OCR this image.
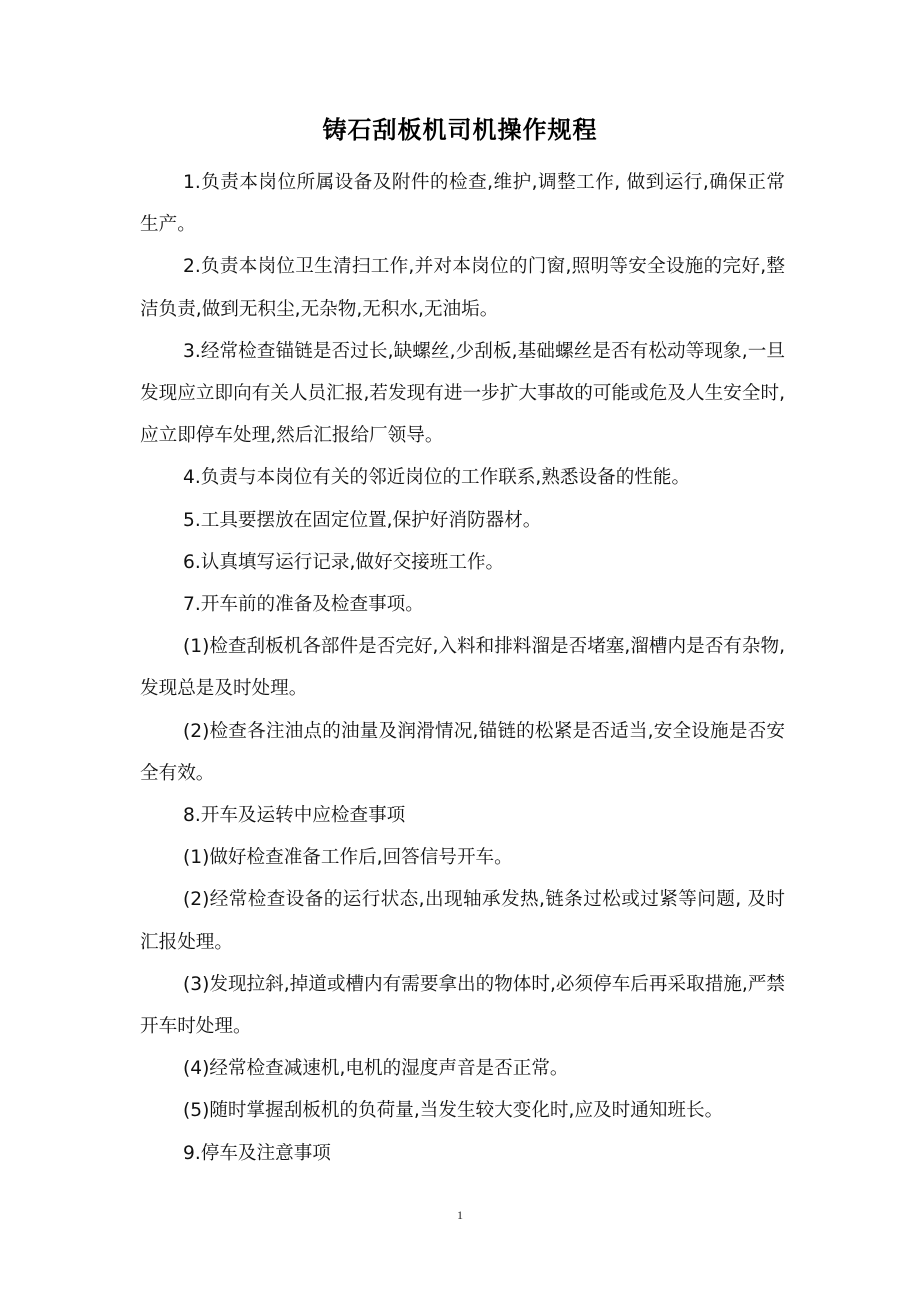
铸石刮板机司机操作规程

1.负责本岗位所属设备及附件的检查,维护,调整工作, 做到运行,确保正常生产。

2.负责本岗位卫生清扫工作,并对本岗位的门窗,照明等安全设施的完好,整洁负责,做到无积尘,无杂物,无积水,无油垢。

3.经常检查锚链是否过长,缺螺丝,少刮板,基础螺丝是否有松动等现象,一旦发现应立即向有关人员汇报,若发现有进一步扩大事故的可能或危及人生安全时,应立即停车处理,然后汇报给厂领导。

4.负责与本岗位有关的邻近岗位的工作联系,熟悉设备的性能。

5.工具要摆放在固定位置,保护好消防器材。

6.认真填写运行记录,做好交接班工作。

7.开车前的准备及检查事项。

(1)检查刮板机各部件是否完好,入料和排料溜是否堵塞,溜槽内是否有杂物,发现总是及时处理。

(2)检查各注油点的油量及润滑情况,锚链的松紧是否适当,安全设施是否安全有效。

8.开车及运转中应检查事项

(1)做好检查准备工作后,回答信号开车。

(2)经常检查设备的运行状态,出现轴承发热,链条过松或过紧等问题, 及时汇报处理。

(3)发现拉斜,掉道或槽内有需要拿出的物体时,必须停车后再采取措施,严禁开车时处理。

(4)经常检查减速机,电机的湿度声音是否正常。

(5)随时掌握刮板机的负荷量,当发生较大变化时,应及时通知班长。

9.停车及注意事项

1
